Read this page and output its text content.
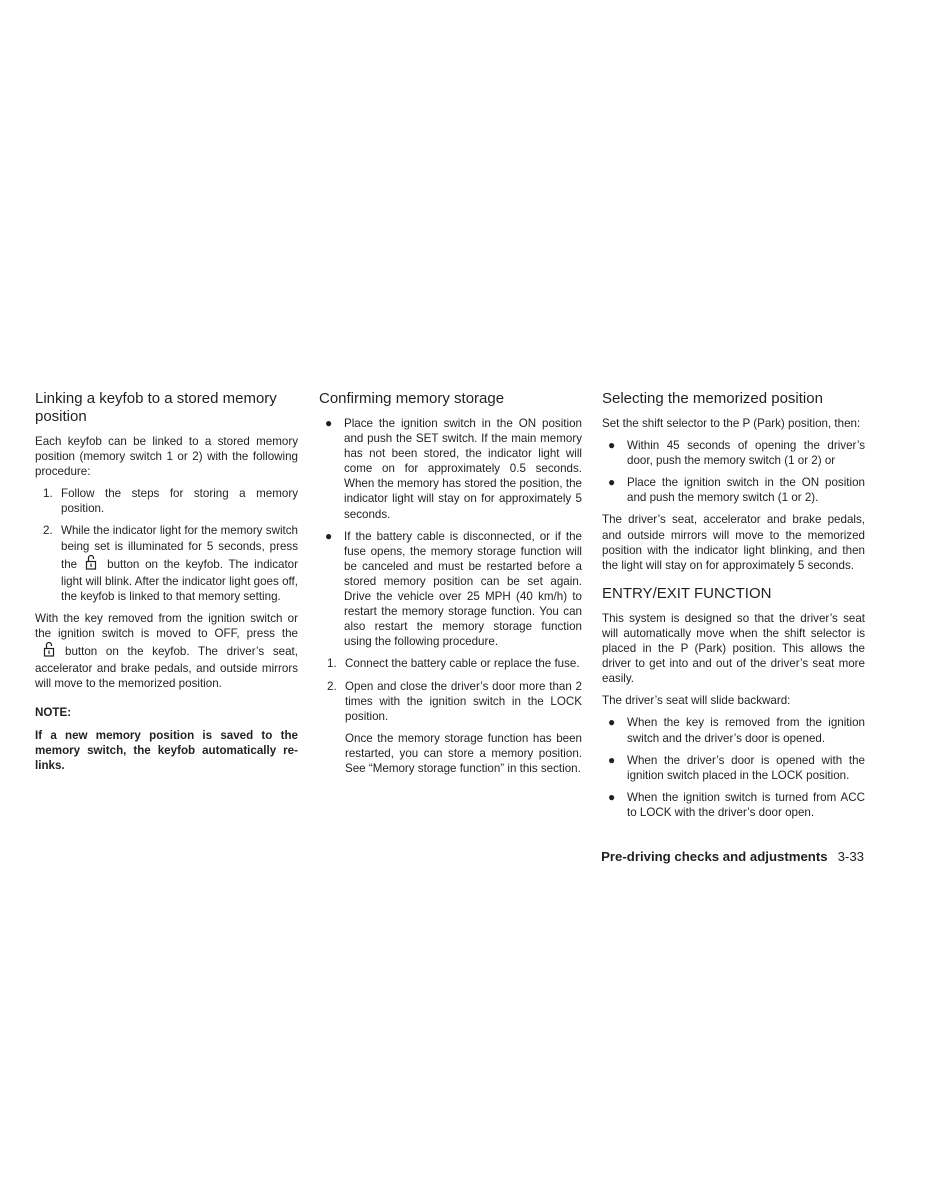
Linking a keyfob to a stored memory position

Each keyfob can be linked to a stored memory position (memory switch 1 or 2) with the following procedure:

1. Follow the steps for storing a memory position.
2. While the indicator light for the memory switch being set is illuminated for 5 seconds, press the	button on the keyfob. The indicator light will blink. After the indicator light goes off, the keyfob is linked to that memory setting.

With the key removed from the ignition switch or the ignition switch is moved to OFF, press thebutton on the keyfob. The driver’s seat, accelerator and brake pedals, and outside mirrors will move to the memorized position.

NOTE:

If a new memory position is saved to the memory switch, the keyfob automatically re-links.

Confirming memory storage
● Place the ignition switch in the ON position and push the SET switch. If the main memory has not been stored, the indicator light will come on for approximately 0.5 seconds. When the memory has stored the position, the indicator light will stay on for approximately 5 seconds.
● If the battery cable is disconnected, or if the fuse opens, the memory storage function will be canceled and must be restarted before a stored memory position can be set again. Drive the vehicle over 25 MPH (40 km/h) to restart the memory storage function. You can also restart the memory storage function using the following procedure.
1. Connect the battery cable or replace the fuse.
2. Open and close the driver’s door more than 2 times with the ignition switch in the LOCK position.

Once the memory storage function has been restarted, you can store a memory position. See “Memory storage function” in this section.

Selecting the memorized position

Set the shift selector to the P (Park) position, then:

● Within 45 seconds of opening the driver’s door, push the memory switch (1 or 2) or
● Place the ignition switch in the ON position and push the memory switch (1 or 2).

The driver’s seat, accelerator and brake pedals, and outside mirrors will move to the memorized position with the indicator light blinking, and then the light will stay on for approximately 5 seconds.

ENTRY/EXIT FUNCTION

This system is designed so that the driver’s seat will automatically move when the shift selector is placed in the P (Park) position. This allows the driver to get into and out of the driver’s seat more easily.

The driver’s seat will slide backward:

● When the key is removed from the ignition switch and the driver’s door is opened.
● When the driver’s door is opened with the ignition switch placed in the LOCK position.
● When the ignition switch is turned from ACC to LOCK with the driver’s door open.
Pre-driving checks and adjustments 3-33
